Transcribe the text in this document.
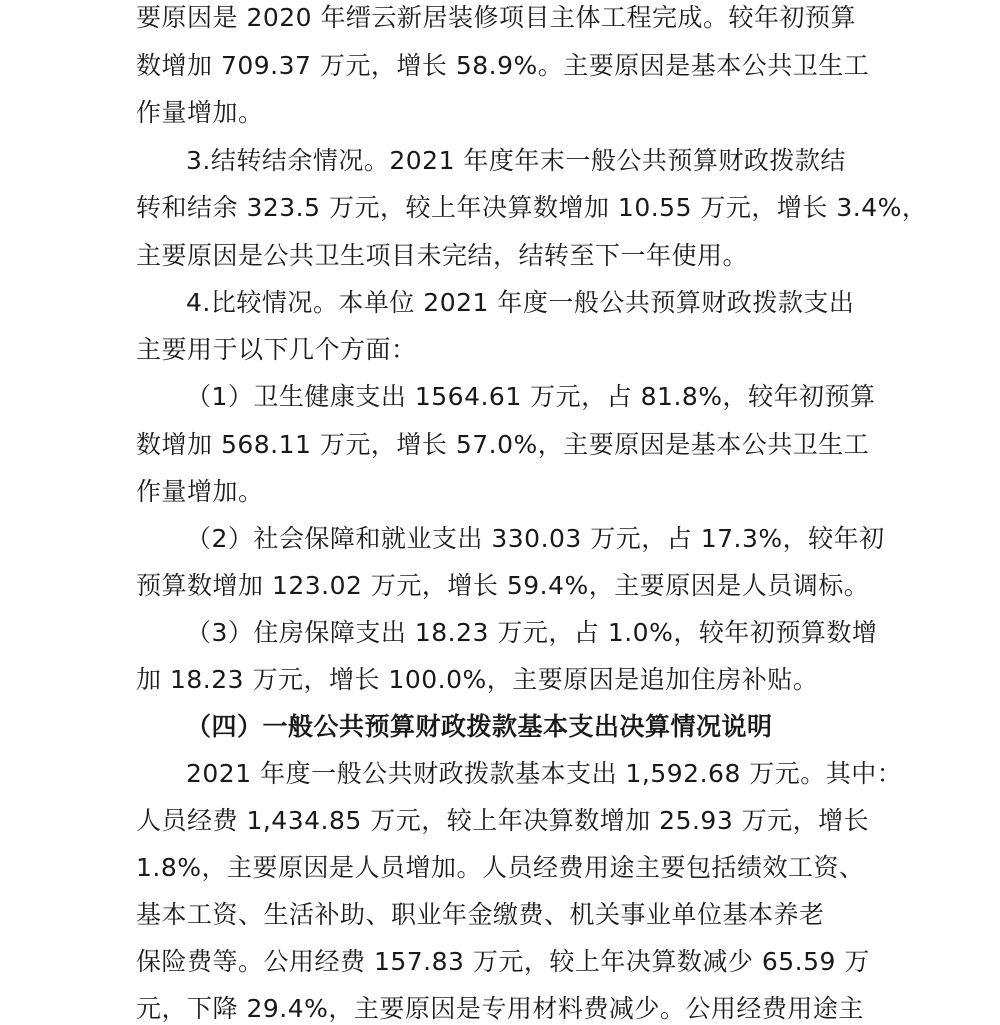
要原因是 2020 年缙云新居装修项目主体工程完成。较年初预算
数增加 709.37 万元，增长 58.9%。主要原因是基本公共卫生工
作量增加。
3.结转结余情况。2021 年度年末一般公共预算财政拨款结
转和结余 323.5 万元，较上年决算数增加 10.55 万元，增长 3.4%，
主要原因是公共卫生项目未完结，结转至下一年使用。
4.比较情况。本单位 2021 年度一般公共预算财政拨款支出
主要用于以下几个方面：
（1）卫生健康支出 1564.61 万元，占 81.8%，较年初预算
数增加 568.11 万元，增长 57.0%，主要原因是基本公共卫生工
作量增加。
（2）社会保障和就业支出 330.03 万元，占 17.3%，较年初
预算数增加 123.02 万元，增长 59.4%，主要原因是人员调标。
（3）住房保障支出 18.23 万元，占 1.0%，较年初预算数增
加 18.23 万元，增长 100.0%，主要原因是追加住房补贴。
（四）一般公共预算财政拨款基本支出决算情况说明
2021 年度一般公共财政拨款基本支出 1,592.68 万元。其中：
人员经费 1,434.85 万元，较上年决算数增加 25.93 万元，增长
1.8%，主要原因是人员增加。人员经费用途主要包括绩效工资、
基本工资、生活补助、职业年金缴费、机关事业单位基本养老
保险费等。公用经费 157.83 万元，较上年决算数减少 65.59 万
元，下降 29.4%，主要原因是专用材料费减少。公用经费用途主
